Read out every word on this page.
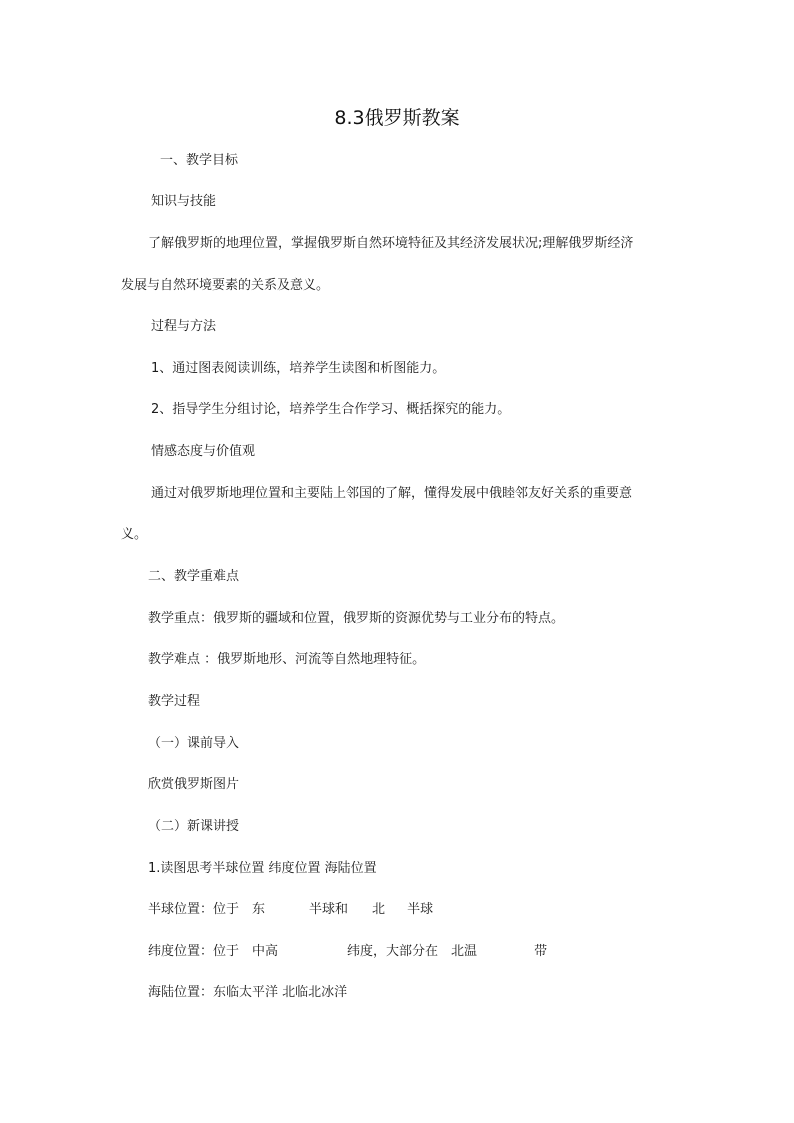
8.3俄罗斯教案
一、教学目标
知识与技能
了解俄罗斯的地理位置，掌握俄罗斯自然环境特征及其经济发展状况;理解俄罗斯经济
发展与自然环境要素的关系及意义。
过程与方法
1、通过图表阅读训练，培养学生读图和析图能力。
2、指导学生分组讨论，培养学生合作学习、概括探究的能力。
情感态度与价值观
通过对俄罗斯地理位置和主要陆上邻国的了解，懂得发展中俄睦邻友好关系的重要意
义。
二、教学重难点
教学重点：俄罗斯的疆域和位置，俄罗斯的资源优势与工业分布的特点。
教学难点 ：俄罗斯地形、河流等自然地理特征。
教学过程
（一）课前导入
欣赏俄罗斯图片
（二）新课讲授
1.读图思考半球位置 纬度位置 海陆位置
半球位置：位于 东	半球和 北 半球
纬度位置：位于 中高	纬度，大部分在 北温	带
海陆位置：东临太平洋 北临北冰洋
